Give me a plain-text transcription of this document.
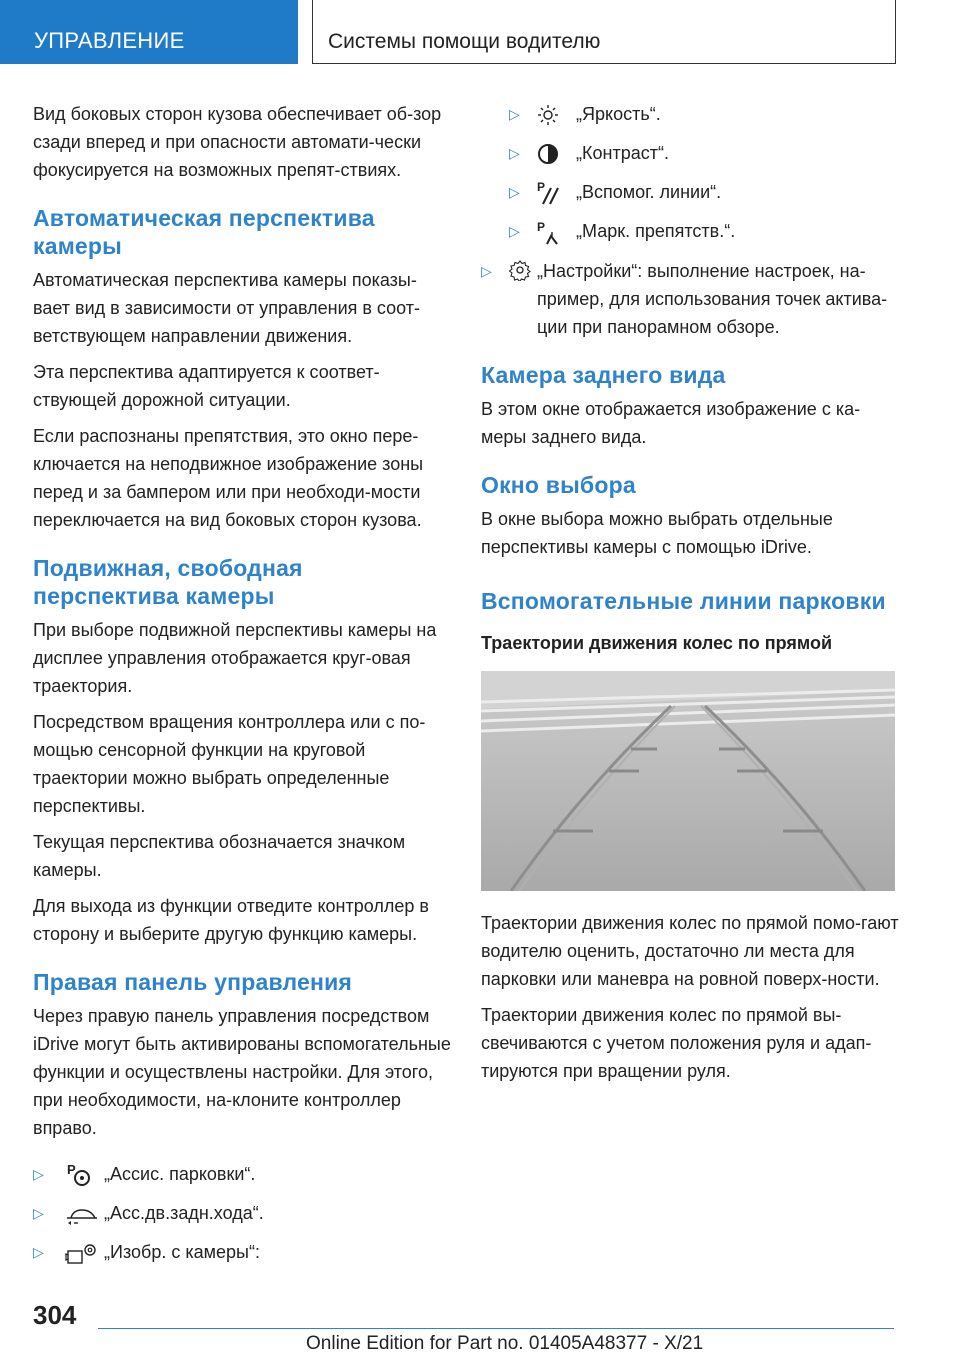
УПРАВЛЕНИЕ	Системы помощи водителю

Вид боковых сторон кузова обеспечивает об-зор сзади вперед и при опасности автомати-чески фокусируется на возможных препят-ствиях.

Автоматическая перспектива камеры

Автоматическая перспектива камеры показы-вает вид в зависимости от управления в соот-ветствующем направлении движения.

Эта перспектива адаптируется к соответ-ствующей дорожной ситуации.

Если распознаны препятствия, это окно пере-ключается на неподвижное изображение зоны перед и за бампером или при необходи-мости переключается на вид боковых сторон кузова.

Подвижная, свободная перспектива камеры

При выборе подвижной перспективы камеры на дисплее управления отображается круг-овая траектория.

Посредством вращения контроллера или с по-мощью сенсорной функции на круговой траектории можно выбрать определенные перспективы.

Текущая перспектива обозначается значком камеры.

Для выхода из функции отведите контроллер в сторону и выберите другую функцию камеры.

Правая панель управления

Через правую панель управления посредством iDrive могут быть активированы вспомогательные функции и осуществлены настройки. Для этого, при необходимости, на-клоните контроллер вправо.

▷ P „Ассис. парковки“.
▷	„Асс.дв.задн.хода“.
▷	„Изобр. с камеры“:
▷	„Яркость“.
▷	„Контраст“.
▷ P „Вспомог. линии“.
▷ P „Марк. препятств.“.
▷	„Настройки“: выполнение настроек, на-пример, для использования точек актива-ции при панорамном обзоре.
Камера заднего вида

В этом окне отображается изображение с ка-меры заднего вида.

Окно выбора

В окне выбора можно выбрать отдельные перспективы камеры с помощью iDrive.

Вспомогательные линии парковки
Траектории движения колес по прямой

Траектории движения колес по прямой помо-гают водителю оценить, достаточно ли места для парковки или маневра на ровной поверх-ности.

Траектории движения колес по прямой вы-свечиваются с учетом положения руля и адап-тируются при вращении руля.

304
Online Edition for Part no. 01405A48377 - X/21
